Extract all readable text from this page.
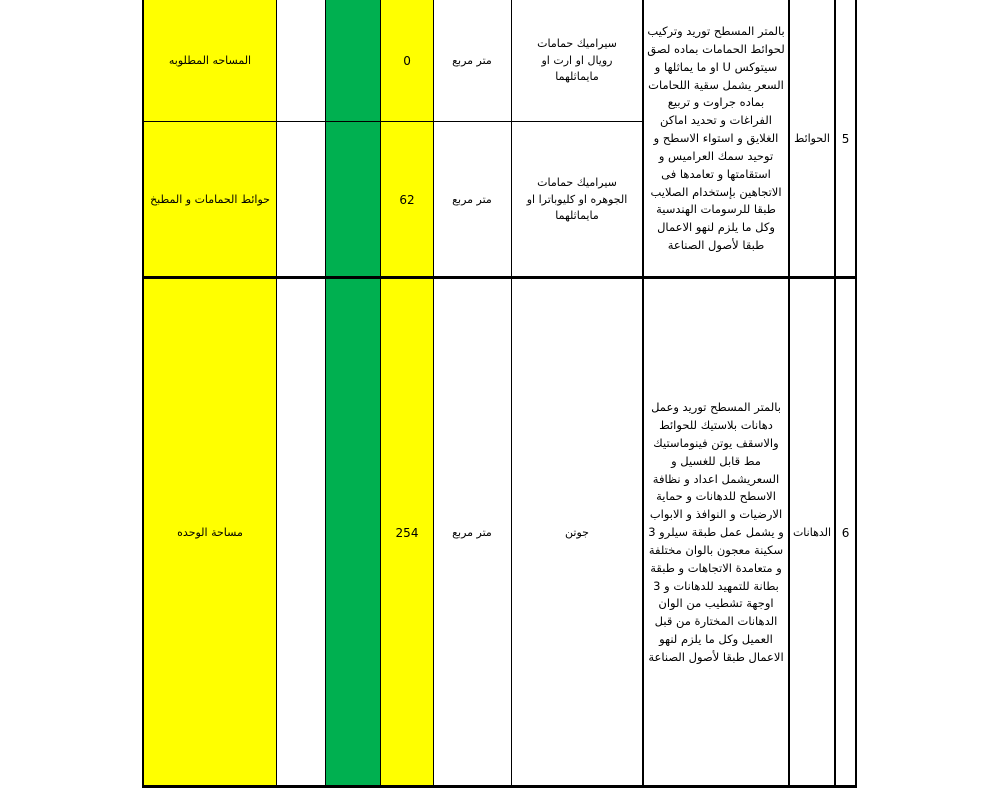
المساحه المطلوبه
حوائط الحمامات و المطبخ
مساحة الوحده
0
62
254
متر مربع
متر مربع
متر مربع
سيراميك حمامات رويال او ارت او مايماثلهما
سيراميك حمامات الجوهره او كليوباترا او مايماثلهما
جوتن
بالمتر المسطح توريد وتركيب لحوائط الحمامات بماده لصق سيتوكس U او ما يماثلها و السعر يشمل سقية اللحامات بماده جراوت و تربيع الفراغات و تحديد اماكن الغلايق و استواء الاسطح و توحيد سمك العراميس و استقامتها و تعامدها فى الاتجاهين بإستخدام الصلايب طبقا للرسومات الهندسية وكل ما يلزم لنهو الاعمال طبقا لأصول الصناعة
بالمتر المسطح توريد وعمل دهانات بلاستيك للحوائط والاسقف يوتن فينوماستيك مط قابل للغسيل و السعريشمل اعداد و نظافة الاسطح للدهانات و حماية الارضيات و النوافذ و الابواب و يشمل عمل طبقة سيلرو 3 سكينة معجون بالوان مختلفة و متعامدة الاتجاهات و طبقة بطانة للتمهيد للدهانات و 3 اوجهة تشطيب من الوان الدهانات المختارة من قبل العميل وكل ما يلزم لنهو الاعمال طبقا لأصول الصناعة
الحوائط
الدهانات
5
6
